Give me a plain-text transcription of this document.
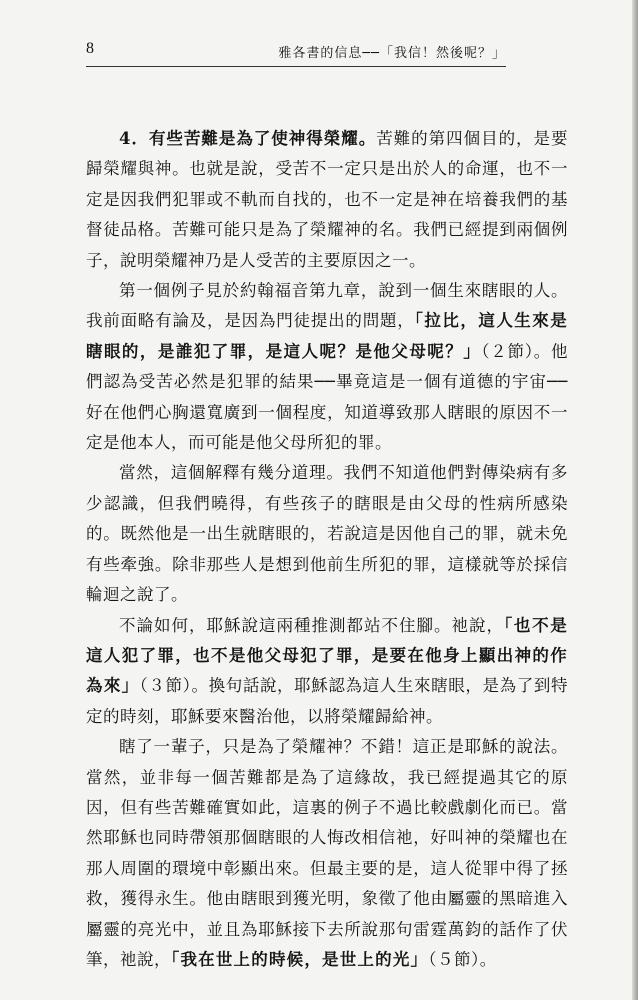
8	雅各書的信息──「我信！然後呢？」

4．有些苦難是為了使神得榮耀。苦難的第四個目的，是要歸榮耀與神。也就是說，受苦不一定只是出於人的命運，也不一定是因我們犯罪或不軌而自找的，也不一定是神在培養我們的基督徒品格。苦難可能只是為了榮耀神的名。我們已經提到兩個例子，說明榮耀神乃是人受苦的主要原因之一。

第一個例子見於約翰福音第九章，說到一個生來瞎眼的人。我前面略有論及，是因為門徒提出的問題，「拉比，這人生來是瞎眼的，是誰犯了罪，是這人呢？是他父母呢？」（２節）。他們認為受苦必然是犯罪的結果──畢竟這是一個有道德的宇宙──好在他們心胸還寬廣到一個程度，知道導致那人瞎眼的原因不一定是他本人，而可能是他父母所犯的罪。

當然，這個解釋有幾分道理。我們不知道他們對傳染病有多少認識，但我們曉得，有些孩子的瞎眼是由父母的性病所感染的。既然他是一出生就瞎眼的，若說這是因他自己的罪，就未免有些牽強。除非那些人是想到他前生所犯的罪，這樣就等於採信輪迴之說了。

不論如何，耶穌說這兩種推測都站不住腳。祂說，「也不是這人犯了罪，也不是他父母犯了罪，是要在他身上顯出神的作為來」（３節）。換句話說，耶穌認為這人生來瞎眼，是為了到特定的時刻，耶穌要來醫治他，以將榮耀歸給神。

瞎了一輩子，只是為了榮耀神？不錯！這正是耶穌的說法。當然，並非每一個苦難都是為了這緣故，我已經提過其它的原因，但有些苦難確實如此，這裏的例子不過比較戲劇化而已。當然耶穌也同時帶領那個瞎眼的人悔改相信祂，好叫神的榮耀也在那人周圍的環境中彰顯出來。但最主要的是，這人從罪中得了拯救，獲得永生。他由瞎眼到獲光明，象徵了他由屬靈的黑暗進入屬靈的亮光中，並且為耶穌接下去所說那句雷霆萬鈞的話作了伏筆，祂說，「我在世上的時候，是世上的光」（５節）。
